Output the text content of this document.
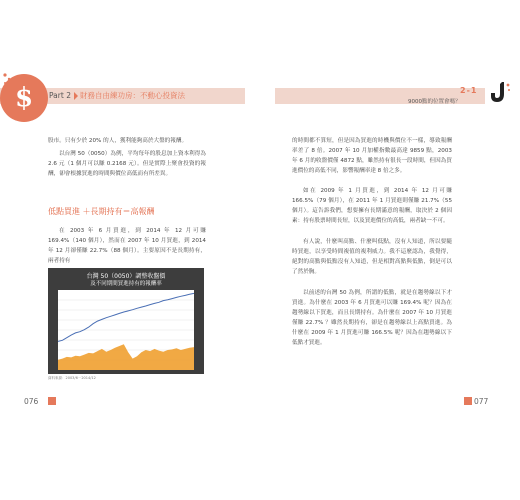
$	Part 2 財務自由練功房：不動心投資法
2-1
9000點的位置會嗎？

股市。只有少於 20% 的人，獲利能夠高於大盤的報酬。

以台灣 50（0050）為例，平均每年的股息加上資本利得為 2.6 元（1 個月可以賺 0.2168 元）。但是實際上聚會投資的報酬，卻會根據買進的時間與價位高低而有所差異。

低點買進 ＋長期持有＝高報酬

在 2003 年 6 月買進，到 2014 年 12 月可賺 169.4%（140 個月），然而在 2007 年 10 月買進，到 2014 年 12 月卻僅賺 22.7%（88 個月）。主要原因不是長期持有，兩者持有

台灣 50（0050）調整收盤價
及不同期間買進持有的報酬率
資料來源：2003/6－2014/12

的時間都不算短，但是因為買進的時機與價位不一樣，導致報酬率差了 8 倍。2007 年 10 月加權指數最高達 9859 點，2003 年 6 月的收盤價僅 4872 點，雖然持有很長一段時間，但因為買進價位的高低不同，影響報酬率達 8 倍之多。

如在 2009 年 1 月買進，到 2014 年 12 月可賺 166.5%（79 個月），在 2011 年 1 月買進則僅賺 21.7%（55 個月）。這告訴我們，想要擁有長期滿意的報酬，取決於 2 個因素：持有股票時間長短，以及買進價位的高低，兩者缺一不可。

有人說，什麼叫高點、什麼叫低點，沒有人知道，所以要隨時買進，以享受時間複值的複利威力。我不這麼認為，我覺得，絕對的高點與低點沒有人知道，但是相對高點與低點，倒是可以了然於胸。

以前述的台灣 50 為例，所謂的低點，就是在趨勢線以下才買進。為什麼在 2003 年 6 月買進可以賺 169.4% 呢？因為在趨勢線以下買進，而且長期持有。為什麼在 2007 年 10 月買進僅賺 22.7% ？雖然長期持有，卻是在趨勢線以上高點買進。為什麼在 2009 年 1 月買進可賺 166.5% 呢？因為在趨勢線以下低點才買進。

076	077
